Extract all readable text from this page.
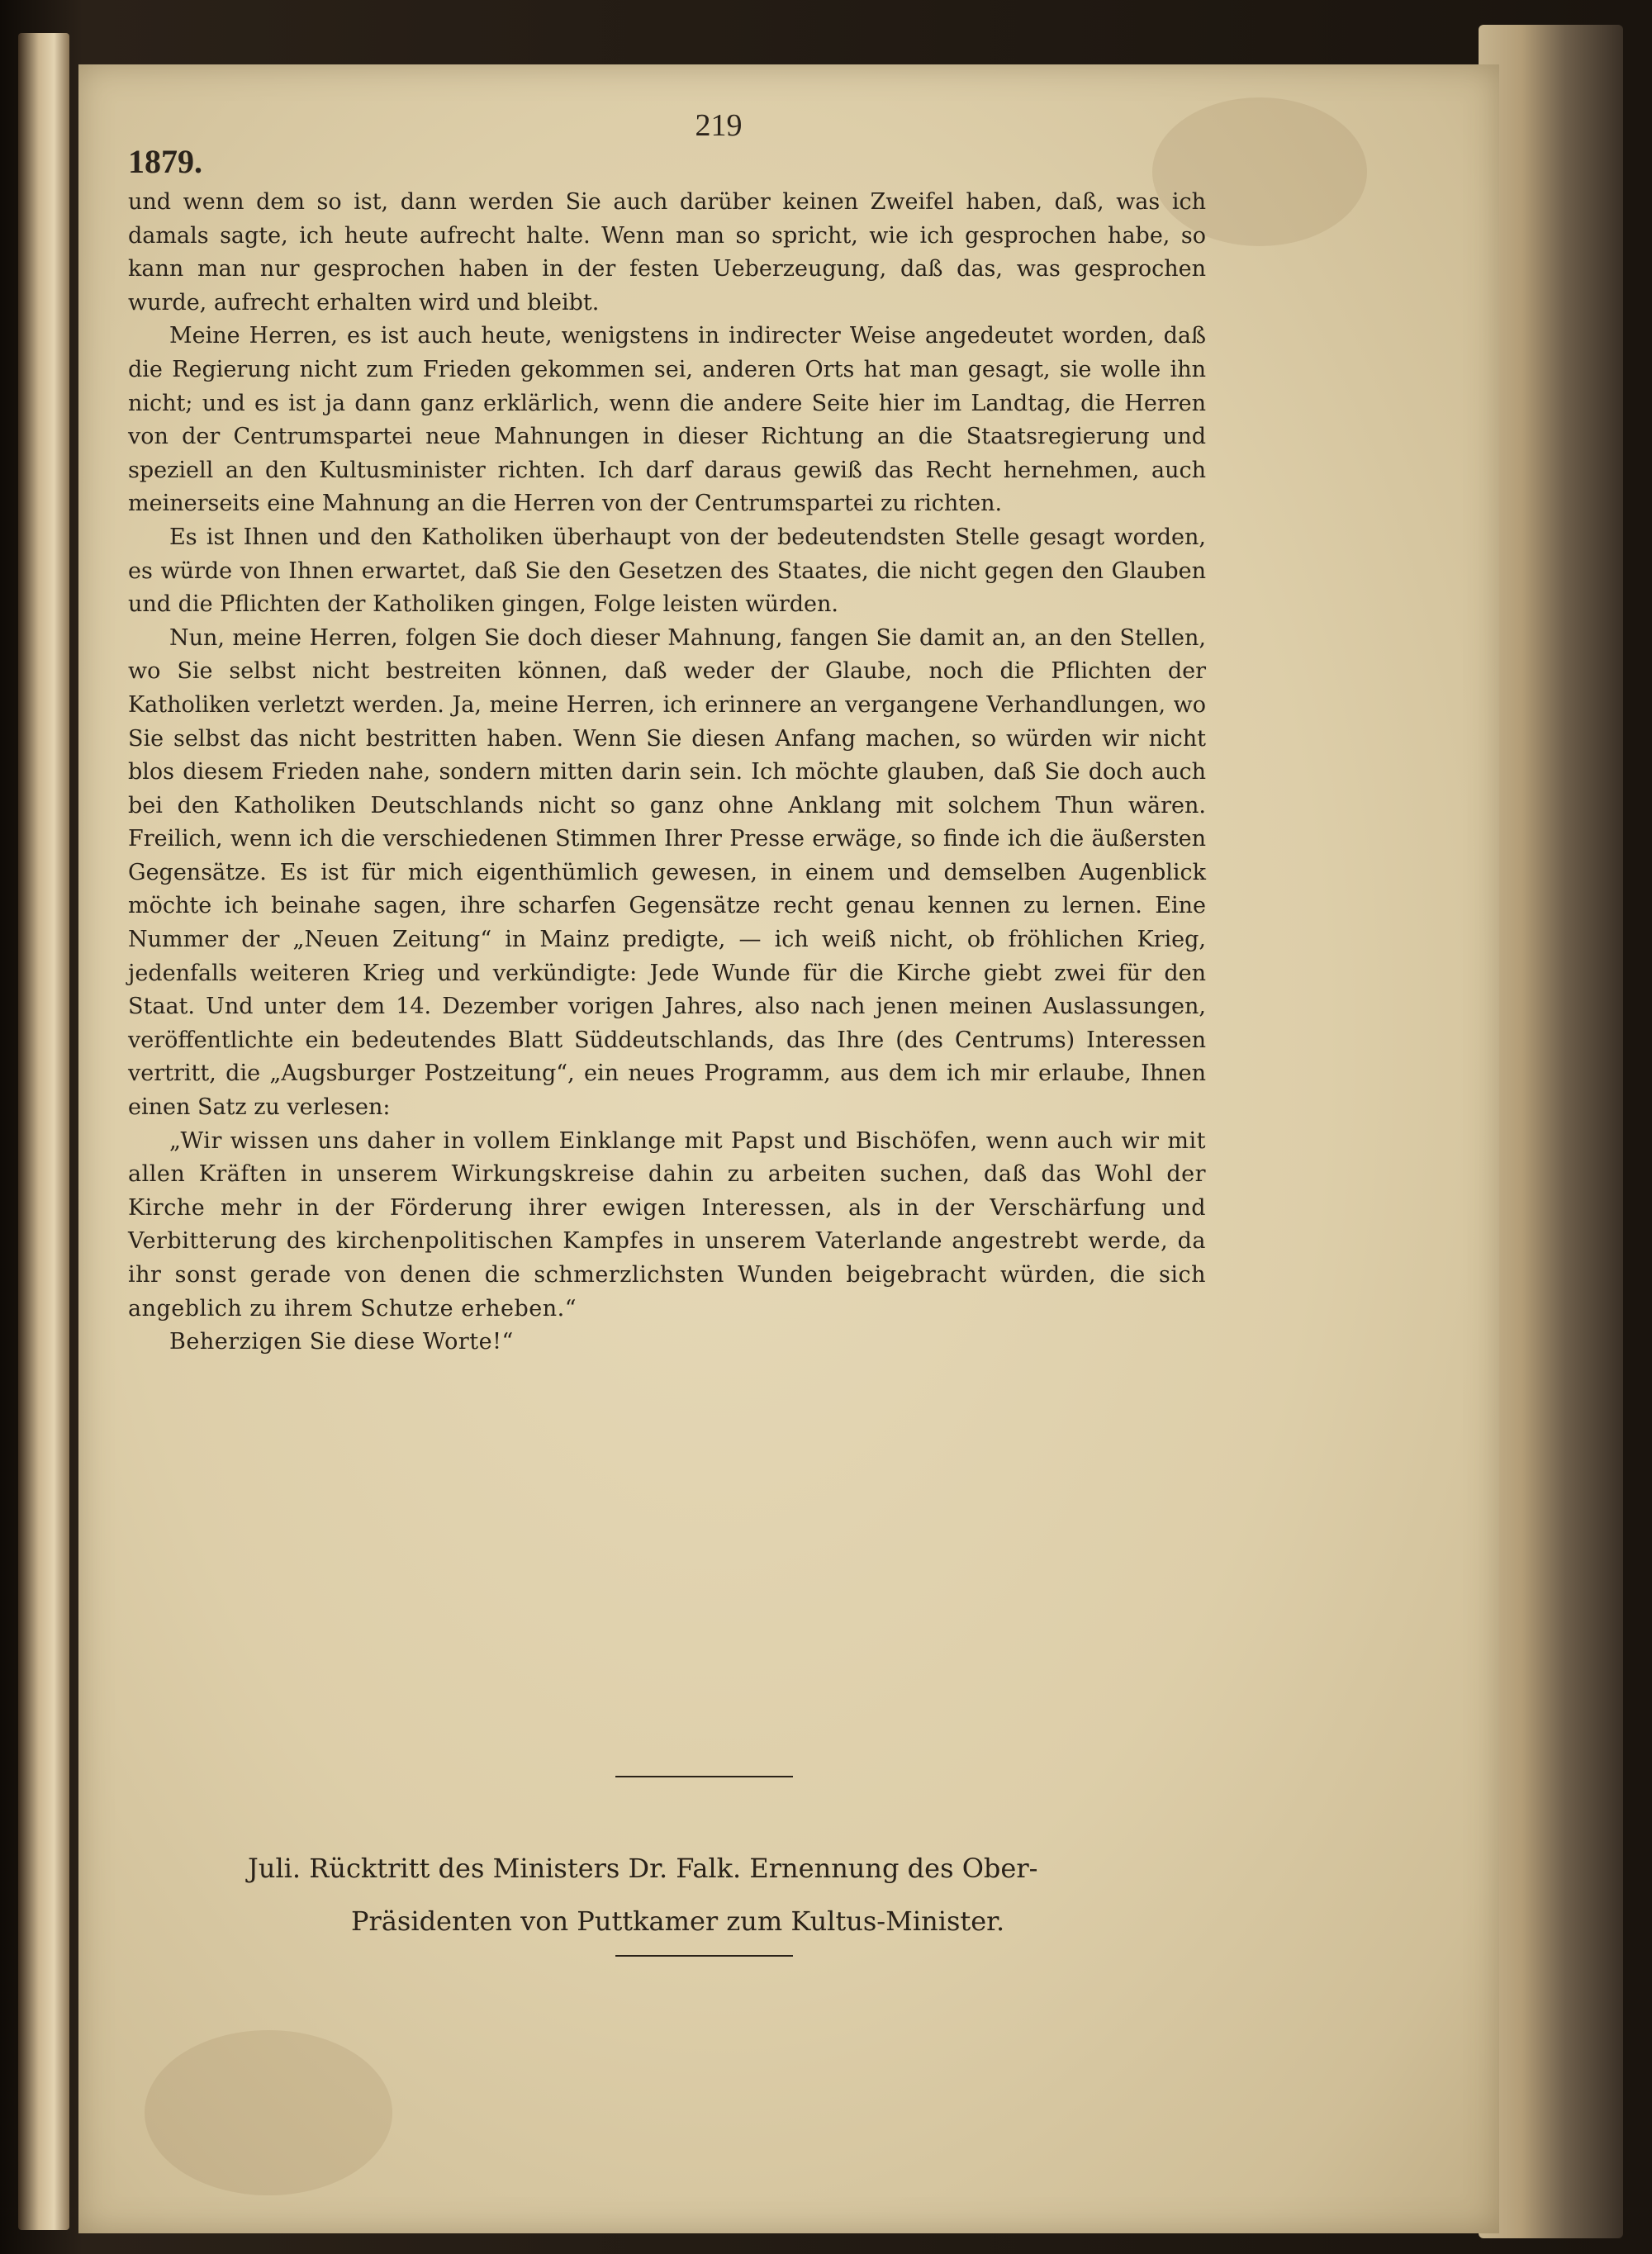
219
1879.

und wenn dem so ist, dann werden Sie auch darüber keinen Zweifel haben, daß, was ich damals sagte, ich heute aufrecht halte. Wenn man so spricht, wie ich gesprochen habe, so kann man nur gesprochen haben in der festen Ueberzeugung, daß das, was gesprochen wurde, aufrecht erhalten wird und bleibt.

Meine Herren, es ist auch heute, wenigstens in indirecter Weise angedeutet worden, daß die Regierung nicht zum Frieden gekommen sei, anderen Orts hat man gesagt, sie wolle ihn nicht; und es ist ja dann ganz erklärlich, wenn die andere Seite hier im Landtag, die Herren von der Centrumspartei neue Mahnungen in dieser Richtung an die Staatsregierung und speziell an den Kultusminister richten. Ich darf daraus gewiß das Recht hernehmen, auch meinerseits eine Mahnung an die Herren von der Centrumspartei zu richten.

Es ist Ihnen und den Katholiken überhaupt von der bedeutendsten Stelle gesagt worden, es würde von Ihnen erwartet, daß Sie den Gesetzen des Staates, die nicht gegen den Glauben und die Pflichten der Katholiken gingen, Folge leisten würden.

Nun, meine Herren, folgen Sie doch dieser Mahnung, fangen Sie damit an, an den Stellen, wo Sie selbst nicht bestreiten können, daß weder der Glaube, noch die Pflichten der Katholiken verletzt werden. Ja, meine Herren, ich erinnere an vergangene Verhandlungen, wo Sie selbst das nicht bestritten haben. Wenn Sie diesen Anfang machen, so würden wir nicht blos diesem Frieden nahe, sondern mitten darin sein. Ich möchte glauben, daß Sie doch auch bei den Katholiken Deutschlands nicht so ganz ohne Anklang mit solchem Thun wären. Freilich, wenn ich die verschiedenen Stimmen Ihrer Presse erwäge, so finde ich die äußersten Gegensätze. Es ist für mich eigenthümlich gewesen, in einem und demselben Augenblick möchte ich beinahe sagen, ihre scharfen Gegensätze recht genau kennen zu lernen. Eine Nummer der „Neuen Zeitung“ in Mainz predigte, — ich weiß nicht, ob fröhlichen Krieg, jedenfalls weiteren Krieg und verkündigte: Jede Wunde für die Kirche giebt zwei für den Staat. Und unter dem 14. Dezember vorigen Jahres, also nach jenen meinen Auslassungen, veröffentlichte ein bedeutendes Blatt Süddeutschlands, das Ihre (des Centrums) Interessen vertritt, die „Augsburger Postzeitung“, ein neues Programm, aus dem ich mir erlaube, Ihnen einen Satz zu verlesen:

„Wir wissen uns daher in vollem Einklange mit Papst und Bischöfen, wenn auch wir mit allen Kräften in unserem Wirkungskreise dahin zu arbeiten suchen, daß das Wohl der Kirche mehr in der Förderung ihrer ewigen Interessen, als in der Verschärfung und Verbitterung des kirchenpolitischen Kampfes in unserem Vaterlande angestrebt werde, da ihr sonst gerade von denen die schmerzlichsten Wunden beigebracht würden, die sich angeblich zu ihrem Schutze erheben.“

Beherzigen Sie diese Worte!“

Juli. Rücktritt des Ministers Dr. Falk. Ernennung des Ober-
Präsidenten von Puttkamer zum Kultus-Minister.
